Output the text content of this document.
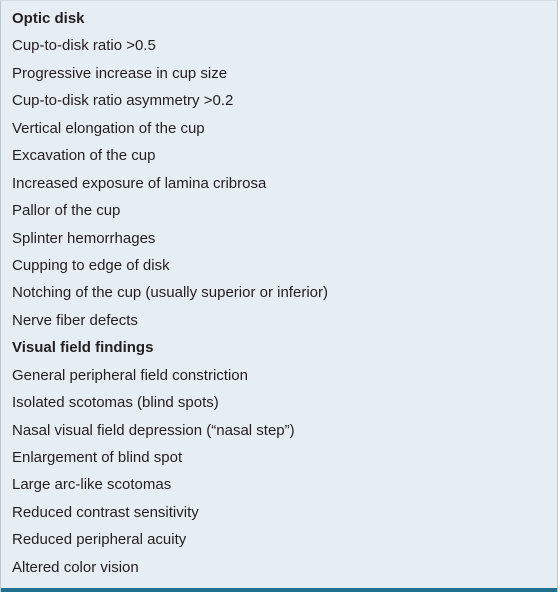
Optic disk
Cup-to-disk ratio >0.5
Progressive increase in cup size
Cup-to-disk ratio asymmetry >0.2
Vertical elongation of the cup
Excavation of the cup
Increased exposure of lamina cribrosa
Pallor of the cup
Splinter hemorrhages
Cupping to edge of disk
Notching of the cup (usually superior or inferior)
Nerve fiber defects
Visual field findings
General peripheral field constriction
Isolated scotomas (blind spots)
Nasal visual field depression (“nasal step”)
Enlargement of blind spot
Large arc-like scotomas
Reduced contrast sensitivity
Reduced peripheral acuity
Altered color vision
